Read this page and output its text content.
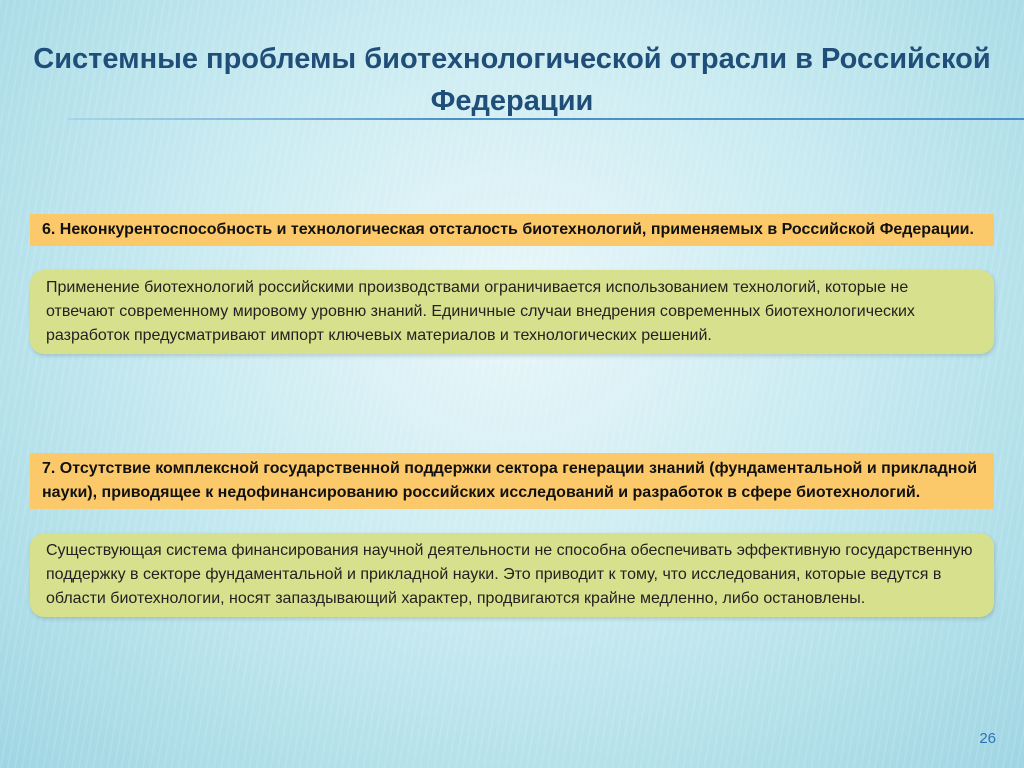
Системные проблемы биотехнологической отрасли в Российской Федерации
6. Неконкурентоспособность и технологическая отсталость биотехнологий, применяемых в Российской Федерации.
Применение биотехнологий российскими производствами ограничивается использованием технологий, которые не отвечают современному мировому уровню знаний. Единичные случаи внедрения современных биотехнологических разработок предусматривают импорт ключевых материалов и технологических решений.
7. Отсутствие комплексной государственной поддержки сектора генерации знаний (фундаментальной и прикладной науки), приводящее к недофинансированию российских исследований и разработок в сфере биотехнологий.
Существующая система финансирования научной деятельности не способна обеспечивать эффективную государственную поддержку в секторе фундаментальной и прикладной науки. Это приводит к тому, что исследования, которые ведутся в области биотехнологии, носят запаздывающий характер, продвигаются крайне медленно, либо остановлены.
26
